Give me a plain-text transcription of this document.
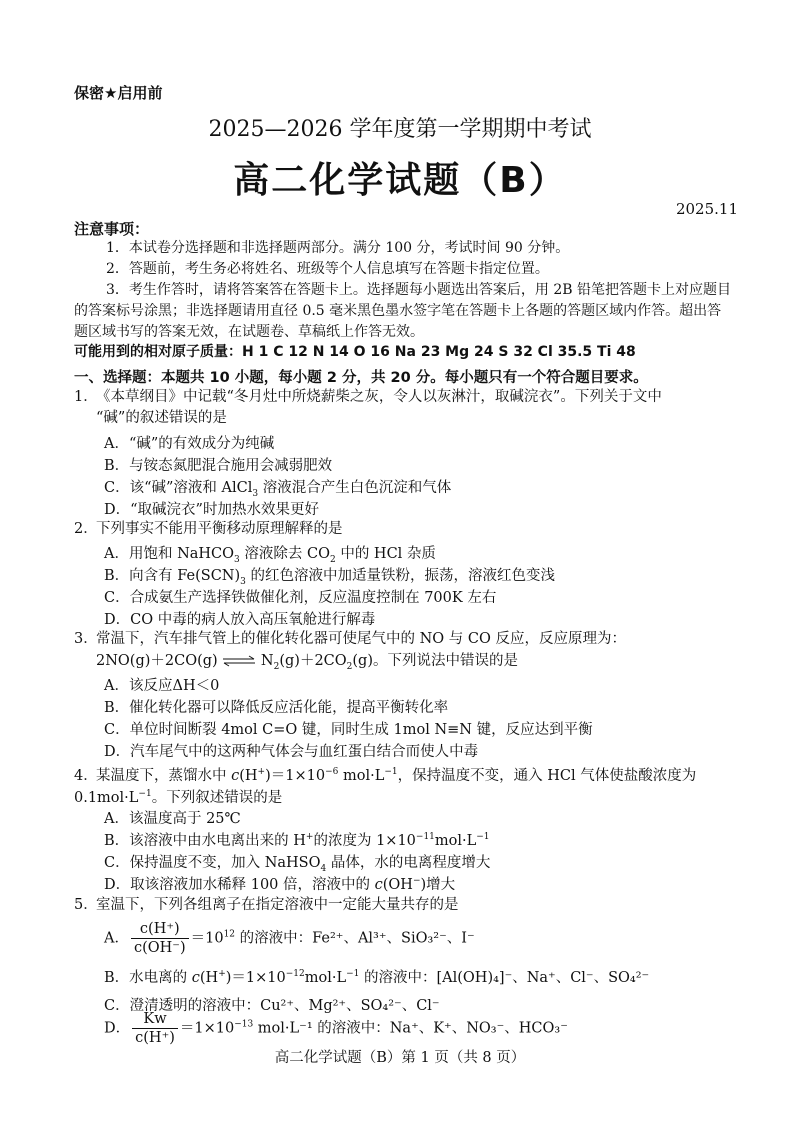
保密★启用前
2025—2026 学年度第一学期期中考试
高二化学试题（B）
2025.11
注意事项：
1．本试卷分选择题和非选择题两部分。满分 100 分，考试时间 90 分钟。
2．答题前，考生务必将姓名、班级等个人信息填写在答题卡指定位置。
3．考生作答时，请将答案答在答题卡上。选择题每小题选出答案后，用 2B 铅笔把答题卡上对应题目的答案标号涂黑；非选择题请用直径 0.5 毫米黑色墨水签字笔在答题卡上各题的答题区域内作答。超出答题区域书写的答案无效，在试题卷、草稿纸上作答无效。
可能用到的相对原子质量：H 1 C 12 N 14 O 16 Na 23 Mg 24 S 32 Cl 35.5 Ti 48
一、选择题：本题共 10 小题，每小题 2 分，共 20 分。每小题只有一个符合题目要求。
1．《本草纲目》中记载“冬月灶中所烧薪柴之灰，令人以灰淋汁，取碱浣衣”。下列关于文中
“碱”的叙述错误的是
A．“碱”的有效成分为纯碱
B．与铵态氮肥混合施用会减弱肥效
C．该“碱”溶液和 AlCl$_3$ 溶液混合产生白色沉淀和气体
D．“取碱浣衣”时加热水效果更好
2．下列事实不能用平衡移动原理解释的是
A．用饱和 NaHCO$_3$ 溶液除去 $CO_2$ 中的 HCl 杂质
B．向含有 $Fe(SCN)_3$ 的红色溶液中加适量铁粉，振荡，溶液红色变浅
C．合成氨生产选择铁做催化剂，反应温度控制在 700K 左右
D．CO 中毒的病人放入高压氧舱进行解毒
3．常温下，汽车排气管上的催化转化器可使尾气中的 NO 与 CO 反应，反应原理为：
2NO(g)＋2CO(g) ⇌ $N_2(g)+2CO_2(g)$。下列说法中错误的是
A．该反应ΔH＜0
B．催化转化器可以降低反应活化能，提高平衡转化率
C．单位时间断裂 4mol C=O 键，同时生成 1mol N≡N 键，反应达到平衡
D．汽车尾气中的这两种气体会与血红蛋白结合而使人中毒
4．某温度下，蒸馏水中 $c(H^+)=1\times 10^{-6}$ $mol\cdot L^{-1}$，保持温度不变，通入 HCl 气体使盐酸浓度为
$0.1mol\cdot L^{-1}$。下列叙述错误的是
A．该温度高于 25℃
B．该溶液中由水电离出来的 H+的浓度为 $1\times 10^{-11}mol\cdot L^{-1}$
C．保持温度不变，加入 NaHSO$_4$ 晶体，水的电离程度增大
D．取该溶液加水稀释 100 倍，溶液中的 c(OH−)增大
5．室温下，下列各组离子在指定溶液中一定能大量共存的是
A． $\frac{c(H^+)}{c(OH^-)} =10^{12}$ 的溶液中：Fe²⁺、Al³⁺、SiO₃²⁻、I⁻
B．水电离的 $c(H^+)=1\times 10^{-12}mol\cdot L^{-1}$ 的溶液中：[Al(OH)₄]⁻、Na⁺、Cl⁻、SO₄²⁻
C．澄清透明的溶液中：Cu²⁺、Mg²⁺、SO₄²⁻、Cl⁻
D． $\frac{Kw}{c(H^+)} =1\times 10^{-13}$ mol·L⁻¹ 的溶液中：Na⁺、K⁺、NO₃⁻、HCO₃⁻
高二化学试题（B）第 1 页（共 8 页）
